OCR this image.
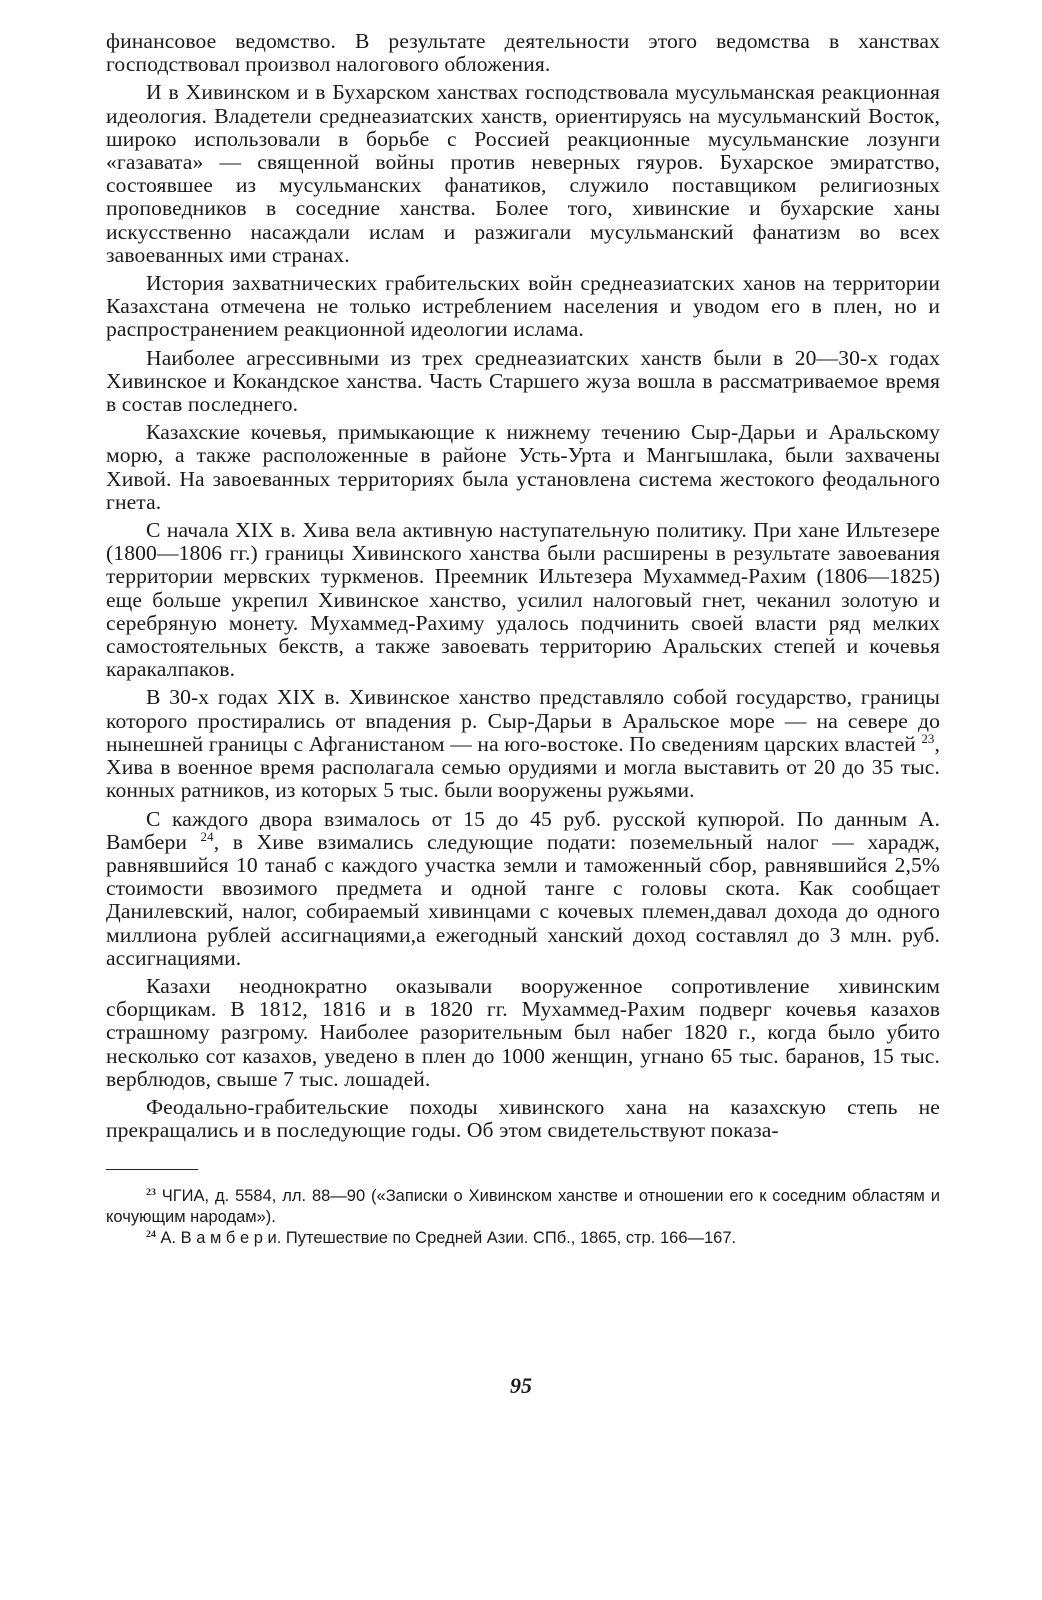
финансовое ведомство. В результате деятельности этого ведомства в ханствах господствовал произвол налогового обложения.

И в Хивинском и в Бухарском ханствах господствовала мусульманская реакционная идеология. Владетели среднеазиатских ханств, ориентируясь на мусульманский Восток, широко использовали в борьбе с Россией реакционные мусульманские лозунги «газавата» — священной войны против неверных гяуров. Бухарское эмиратство, состоявшее из мусульманских фанатиков, служило поставщиком религиозных проповедников в соседние ханства. Более того, хивинские и бухарские ханы искусственно насаждали ислам и разжигали мусульманский фанатизм во всех завоеванных ими странах.

История захватнических грабительских войн среднеазиатских ханов на территории Казахстана отмечена не только истреблением населения и уводом его в плен, но и распространением реакционной идеологии ислама.

Наиболее агрессивными из трех среднеазиатских ханств были в 20—30-х годах Хивинское и Кокандское ханства. Часть Старшего жуза вошла в рассматриваемое время в состав последнего.

Казахские кочевья, примыкающие к нижнему течению Сыр-Дарьи и Аральскому морю, а также расположенные в районе Усть-Урта и Мангышлака, были захвачены Хивой. На завоеванных территориях была установлена система жестокого феодального гнета.

С начала XIX в. Хива вела активную наступательную политику. При хане Ильтезере (1800—1806 гг.) границы Хивинского ханства были расширены в результате завоевания территории мервских туркменов. Преемник Ильтезера Мухаммед-Рахим (1806—1825) еще больше укрепил Хивинское ханство, усилил налоговый гнет, чеканил золотую и серебряную монету. Мухаммед-Рахиму удалось подчинить своей власти ряд мелких самостоятельных бекств, а также завоевать территорию Аральских степей и кочевья каракалпаков.

В 30-х годах XIX в. Хивинское ханство представляло собой государство, границы которого простирались от впадения р. Сыр-Дарьи в Аральское море — на севере до нынешней границы с Афганистаном — на юго-востоке. По сведениям царских властей $^{23}$, Хива в военное время располагала семью орудиями и могла выставить от 20 до 35 тыс. конных ратников, из которых 5 тыс. были вооружены ружьями.

С каждого двора взималось от 15 до 45 руб. русской купюрой. По данным А. Вамбери $^{24}$, в Хиве взимались следующие подати: поземельный налог — харадж, равнявшийся 10 танаб с каждого участка земли и таможенный сбор, равнявшийся 2,5% стоимости ввозимого предмета и одной танге с головы скота. Как сообщает Данилевский, налог, собираемый хивинцами с кочевых племен,давал дохода до одного миллиона рублей ассигнациями,а ежегодный ханский доход составлял до 3 млн. руб. ассигнациями.

Казахи неоднократно оказывали вооруженное сопротивление хивинским сборщикам. В 1812, 1816 и в 1820 гг. Мухаммед-Рахим подверг кочевья казахов страшному разгрому. Наиболее разорительным был набег 1820 г., когда было убито несколько сот казахов, уведено в плен до 1000 женщин, угнано 65 тыс. баранов, 15 тыс. верблюдов, свыше 7 тыс. лошадей.

Феодально-грабительские походы хивинского хана на казахскую степь не прекращались и в последующие годы. Об этом свидетельствуют показа-

$^{23}$ ЧГИА, д. 5584, лл. 88—90 («Записки о Хивинском ханстве и отношении его к соседним областям и кочующим народам»).

$^{24}$ А. В а м б е р и. Путешествие по Средней Азии. СПб., 1865, стр. 166—167.

95
